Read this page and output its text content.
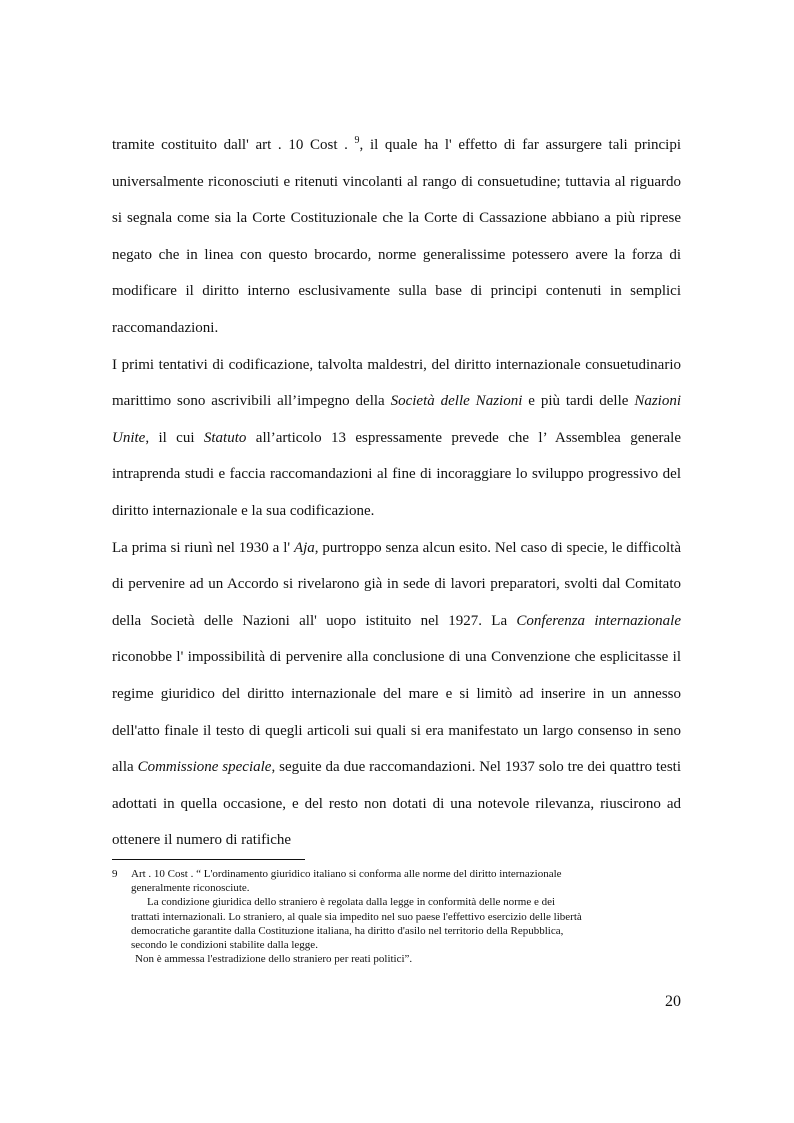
tramite costituito dall' art . 10 Cost . $^9$, il quale ha l' effetto di far assurgere tali principi universalmente riconosciuti e ritenuti vincolanti al rango di consuetudine; tuttavia al riguardo si segnala come sia la Corte Costituzionale che la Corte di Cassazione abbiano a più riprese negato che in linea con questo brocardo, norme generalissime potessero avere la forza di modificare il diritto interno esclusivamente sulla base di principi contenuti in semplici raccomandazioni.

I primi tentativi di codificazione, talvolta maldestri, del diritto internazionale consuetudinario marittimo sono ascrivibili all’impegno della Società delle Nazioni e più tardi delle Nazioni Unite, il cui Statuto all’articolo 13 espressamente prevede che l’ Assemblea generale intraprenda studi e faccia raccomandazioni al fine di incoraggiare lo sviluppo progressivo del diritto internazionale e la sua codificazione.

La prima si riunì nel 1930 a l' Aja, purtroppo senza alcun esito. Nel caso di specie, le difficoltà di pervenire ad un Accordo si rivelarono già in sede di lavori preparatori, svolti dal Comitato della Società delle Nazioni all' uopo istituito nel 1927. La Conferenza internazionale riconobbe l' impossibilità di pervenire alla conclusione di una Convenzione che esplicitasse il regime giuridico del diritto internazionale del mare e si limitò ad inserire in un annesso dell'atto finale il testo di quegli articoli sui quali si era manifestato un largo consenso in seno alla Commissione speciale, seguite da due raccomandazioni. Nel 1937 solo tre dei quattro testi adottati in quella occasione, e del resto non dotati di una notevole rilevanza, riuscirono ad ottenere il numero di ratifiche

9	Art . 10 Cost . “ L'ordinamento giuridico italiano si conforma alle norme del diritto internazionale
generalmente riconosciute.
La condizione giuridica dello straniero è regolata dalla legge in conformità delle norme e dei
trattati internazionali. Lo straniero, al quale sia impedito nel suo paese l'effettivo esercizio delle libertà
democratiche garantite dalla Costituzione italiana, ha diritto d'asilo nel territorio della Repubblica,
secondo le condizioni stabilite dalla legge.
Non è ammessa l'estradizione dello straniero per reati politici”.
20
